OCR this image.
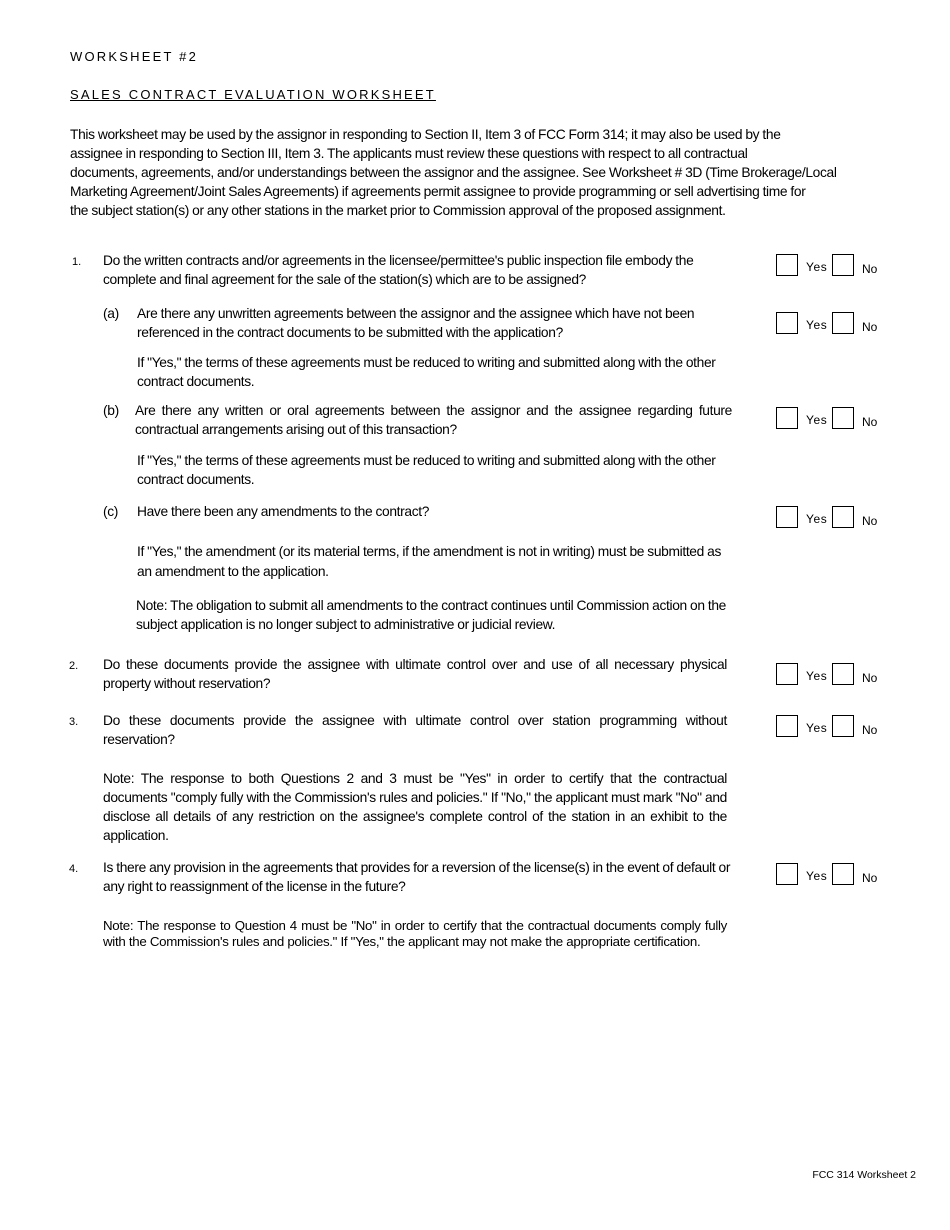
WORKSHEET #2
SALES CONTRACT EVALUATION WORKSHEET
This worksheet may be used by the assignor in responding to Section II, Item 3 of FCC Form 314; it may also be used by the
assignee in responding to Section III, Item 3. The applicants must review these questions with respect to all contractual
documents, agreements, and/or understandings between the assignor and the assignee. See Worksheet # 3D (Time Brokerage/Local
Marketing Agreement/Joint Sales Agreements) if agreements permit assignee to provide programming or sell advertising time for
the subject station(s) or any other stations in the market prior to Commission approval of the proposed assignment.
1. Do the written contracts and/or agreements in the licensee/permittee's public inspection file embody the complete and final agreement for the sale of the station(s) which are to be assigned?
Yes	No
(a) Are there any unwritten agreements between the assignor and the assignee which have not been referenced in the contract documents to be submitted with the application?	Yes	No
If "Yes," the terms of these agreements must be reduced to writing and submitted along with the other contract documents.
(b) Are there any written or oral agreements between the assignor and the assignee regarding future contractual arrangements arising out of this transaction?
Yes	No
If "Yes," the terms of these agreements must be reduced to writing and submitted along with the other contract documents.
(c) Have there been any amendments to the contract?	Yes	No
If "Yes," the amendment (or its material terms, if the amendment is not in writing) must be submitted as an amendment to the application.
Note: The obligation to submit all amendments to the contract continues until Commission action on the subject application is no longer subject to administrative or judicial review.
2. Do these documents provide the assignee with ultimate control over and use of all necessary physical property without reservation?	Yes	No
3. Do these documents provide the assignee with ultimate control over station programming without reservation?
Yes	No
Note: The response to both Questions 2 and 3 must be "Yes" in order to certify that the contractual documents "comply fully with the Commission's rules and policies." If "No," the applicant must mark "No" and disclose all details of any restriction on the assignee's complete control of the station in an exhibit to the application.
4. Is there any provision in the agreements that provides for a reversion of the license(s) in the event of default or any right to reassignment of the license in the future?
Yes	No
Note: The response to Question 4 must be "No" in order to certify that the contractual documents comply fully with the Commission's rules and policies." If "Yes," the applicant may not make the appropriate certification.
FCC 314 Worksheet 2
